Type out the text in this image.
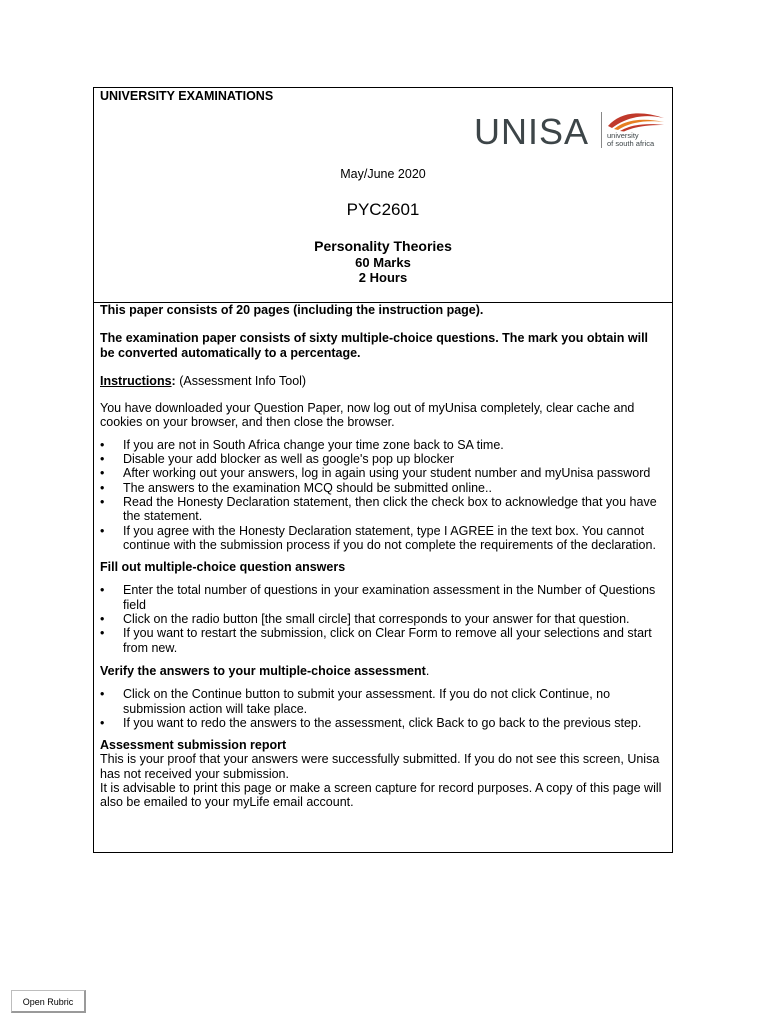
UNIVERSITY EXAMINATIONS
UNISA university
of south africa
May/June 2020
PYC2601
Personality Theories
60 Marks
2 Hours

This paper consists of 20 pages (including the instruction page).

The examination paper consists of sixty multiple-choice questions. The mark you obtain will be converted automatically to a percentage.

Instructions: (Assessment Info Tool)

You have downloaded your Question Paper, now log out of myUnisa completely, clear cache and cookies on your browser, and then close the browser.

• If you are not in South Africa change your time zone back to SA time.
• Disable your add blocker as well as google's pop up blocker
• After working out your answers, log in again using your student number and myUnisa password
• The answers to the examination MCQ should be submitted online..
• Read the Honesty Declaration statement, then click the check box to acknowledge that you have the statement.
• If you agree with the Honesty Declaration statement, type I AGREE in the text box. You cannot continue with the submission process if you do not complete the requirements of the declaration.

Fill out multiple-choice question answers

• Enter the total number of questions in your examination assessment in the Number of Questions field
• Click on the radio button [the small circle] that corresponds to your answer for that question.
• If you want to restart the submission, click on Clear Form to remove all your selections and start from new.

Verify the answers to your multiple-choice assessment.

• Click on the Continue button to submit your assessment. If you do not click Continue, no submission action will take place.
• If you want to redo the answers to the assessment, click Back to go back to the previous step.

Assessment submission report

This is your proof that your answers were successfully submitted. If you do not see this screen, Unisa has not received your submission.

It is advisable to print this page or make a screen capture for record purposes. A copy of this page will also be emailed to your myLife email account.

Open Rubric
